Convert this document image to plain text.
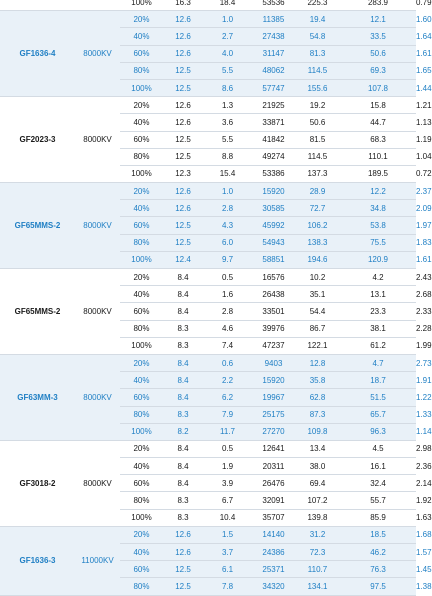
		100%	16.3	18.4	53536	225.3	283.9	0.79
GF1636-4	8000KV	20%	12.6	1.0	11385	19.4	12.1	1.60
		40%	12.6	2.7	27438	54.8	33.5	1.64
		60%	12.6	4.0	31147	81.3	50.6	1.61
		80%	12.5	5.5	48062	114.5	69.3	1.65
		100%	12.5	8.6	57747	155.6	107.8	1.44
GF2023-3	8000KV	20%	12.6	1.3	21925	19.2	15.8	1.21
		40%	12.6	3.6	33871	50.6	44.7	1.13
		60%	12.5	5.5	41842	81.5	68.3	1.19
		80%	12.5	8.8	49274	114.5	110.1	1.04
		100%	12.3	15.4	53386	137.3	189.5	0.72
GF65MMS-2	8000KV	20%	12.6	1.0	15920	28.9	12.2	2.37
		40%	12.6	2.8	30585	72.7	34.8	2.09
		60%	12.5	4.3	45992	106.2	53.8	1.97
		80%	12.5	6.0	54943	138.3	75.5	1.83
		100%	12.4	9.7	58851	194.6	120.9	1.61
GF65MMS-2	8000KV	20%	8.4	0.5	16576	10.2	4.2	2.43
		40%	8.4	1.6	26438	35.1	13.1	2.68
		60%	8.4	2.8	33501	54.4	23.3	2.33
		80%	8.3	4.6	39976	86.7	38.1	2.28
		100%	8.3	7.4	47237	122.1	61.2	1.99
GF63MM-3	8000KV	20%	8.4	0.6	9403	12.8	4.7	2.73
		40%	8.4	2.2	15920	35.8	18.7	1.91
		60%	8.4	6.2	19967	62.8	51.5	1.22
		80%	8.3	7.9	25175	87.3	65.7	1.33
		100%	8.2	11.7	27270	109.8	96.3	1.14
GF3018-2	8000KV	20%	8.4	0.5	12641	13.4	4.5	2.98
		40%	8.4	1.9	20311	38.0	16.1	2.36
		60%	8.4	3.9	26476	69.4	32.4	2.14
		80%	8.3	6.7	32091	107.2	55.7	1.92
		100%	8.3	10.4	35707	139.8	85.9	1.63
GF1636-3	11000KV	20%	12.6	1.5	14140	31.2	18.5	1.68
		40%	12.6	3.7	24386	72.3	46.2	1.57
		60%	12.5	6.1	25371	110.7	76.3	1.45
		80%	12.5	7.8	34320	134.1	97.5	1.38
